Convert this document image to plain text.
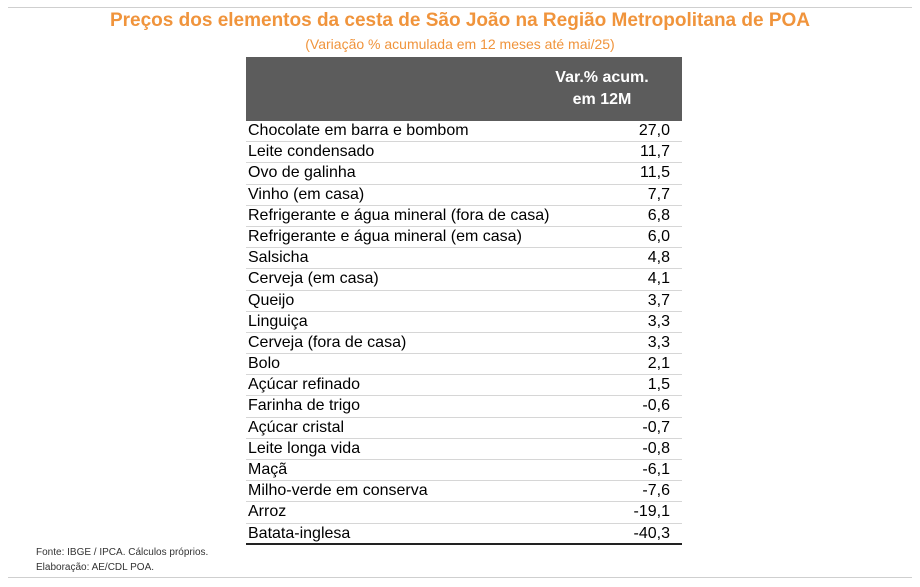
Preços dos elementos da cesta de São João na Região Metropolitana de POA
(Variação % acumulada em 12 meses até mai/25)
Var.% acum.
em 12M
Chocolate em barra e bombom	27,0
Leite condensado	11,7
Ovo de galinha	11,5
Vinho (em casa)	7,7
Refrigerante e água mineral (fora de casa)	6,8
Refrigerante e água mineral (em casa)	6,0
Salsicha	4,8
Cerveja (em casa)	4,1
Queijo	3,7
Linguiça	3,3
Cerveja (fora de casa)	3,3
Bolo	2,1
Açúcar refinado	1,5
Farinha de trigo	-0,6
Açúcar cristal	-0,7
Leite longa vida	-0,8
Maçã	-6,1
Milho-verde em conserva	-7,6
Arroz	-19,1
Batata-inglesa	-40,3
Fonte: IBGE / IPCA. Cálculos próprios.
Elaboração: AE/CDL POA.
